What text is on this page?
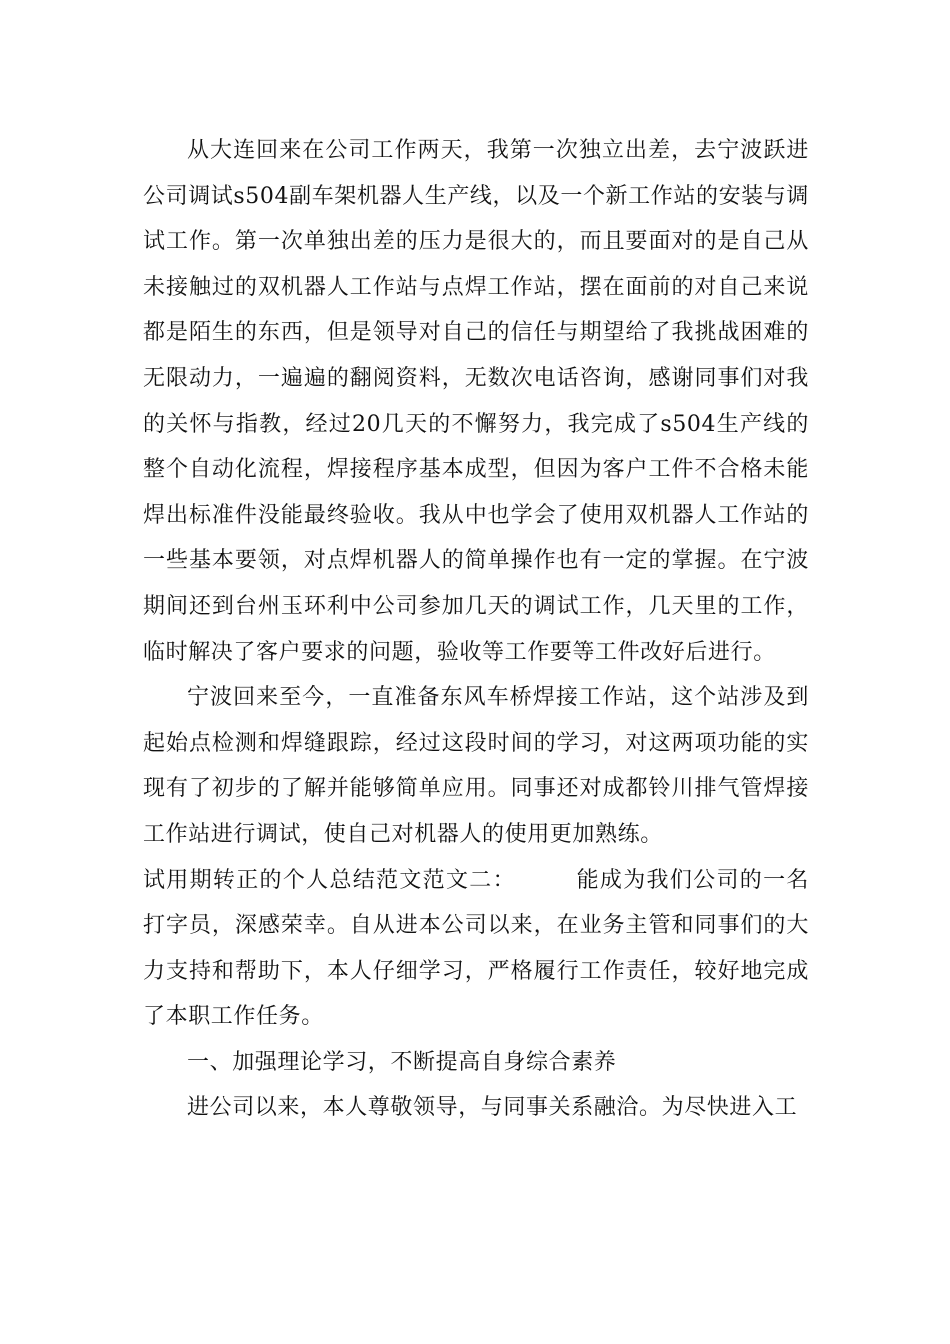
从大连回来在公司工作两天，我第一次独立出差，去宁波跃进公司调试s504副车架机器人生产线，以及一个新工作站的安装与调试工作。第一次单独出差的压力是很大的，而且要面对的是自己从未接触过的双机器人工作站与点焊工作站，摆在面前的对自己来说都是陌生的东西，但是领导对自己的信任与期望给了我挑战困难的无限动力，一遍遍的翻阅资料，无数次电话咨询，感谢同事们对我的关怀与指教，经过20几天的不懈努力，我完成了s504生产线的整个自动化流程，焊接程序基本成型，但因为客户工件不合格未能焊出标准件没能最终验收。我从中也学会了使用双机器人工作站的一些基本要领，对点焊机器人的简单操作也有一定的掌握。在宁波期间还到台州玉环利中公司参加几天的调试工作，几天里的工作，临时解决了客户要求的问题，验收等工作要等工件改好后进行。

宁波回来至今，一直准备东风车桥焊接工作站，这个站涉及到起始点检测和焊缝跟踪，经过这段时间的学习，对这两项功能的实现有了初步的了解并能够简单应用。同事还对成都铃川排气管焊接工作站进行调试，使自己对机器人的使用更加熟练。

试用期转正的个人总结范文范文二：	能成为我们公司的一名打字员，深感荣幸。自从进本公司以来，在业务主管和同事们的大力支持和帮助下，本人仔细学习，严格履行工作责任，较好地完成了本职工作任务。

一、加强理论学习，不断提高自身综合素养

进公司以来，本人尊敬领导，与同事关系融洽。为尽快进入工
